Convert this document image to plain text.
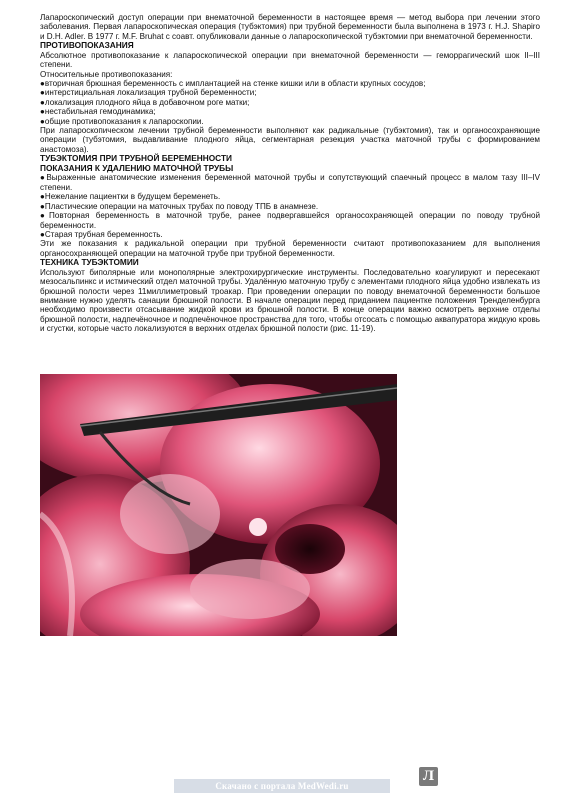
Лапароскопический доступ операции при внематочной беременности в настоящее время — метод выбора при лечении этого заболевания. Первая лапароскопическая операция (тубэктомия) при трубной беременности была выполнена в 1973 г. H.J. Shapiro и D.H. Adler. В 1977 г. M.F. Bruhat с соавт. опубликовали данные о лапароскопической тубэктомии при внематочной беременности.

ПРОТИВОПОКАЗАНИЯ

Абсолютное противопоказание к лапароскопической операции при внематочной беременности — геморрагический шок II–III степени.

Относительные противопоказания:

●вторичная брюшная беременность с имплантацией на стенке кишки или в области крупных сосудов;

●интерстициальная локализация трубной беременности;

●локализация плодного яйца в добавочном роге матки;

●нестабильная гемодинамика;

●общие противопоказания к лапароскопии.

При лапароскопическом лечении трубной беременности выполняют как радикальные (тубэктомия), так и органосохраняющие операции (тубэтомия, выдавливание плодного яйца, сегментарная резекция участка маточной трубы с формированием анастомоза).

ТУБЭКТОМИЯ ПРИ ТРУБНОЙ БЕРЕМЕННОСТИ

ПОКАЗАНИЯ К УДАЛЕНИЮ МАТОЧНОЙ ТРУБЫ

●Выраженные анатомические изменения беременной маточной трубы и сопутствующий спаечный процесс в малом тазу III–IV степени.

●Нежелание пациентки в будущем беременеть.

●Пластические операции на маточных трубах по поводу ТПБ в анамнезе.

●Повторная беременность в маточной трубе, ранее подвергавшейся органосохраняющей операции по поводу трубной беременности.

●Старая трубная беременность.

Эти же показания к радикальной операции при трубной беременности считают противопоказанием для выполнения органосохраняющей операции на маточной трубе при трубной беременности.

ТЕХНИКА ТУБЭКТОМИИ

Используют биполярные или монополярные электрохирургические инструменты. Последовательно коагулируют и пересекают мезосальпинкс и истмический отдел маточной трубы. Удалённую маточную трубу с элементами плодного яйца удобно извлекать из брюшной полости через 11миллиметровый троакар. При проведении операции по поводу внематочной беременности большое внимание нужно уделять санации брюшной полости. В начале операции перед приданием пациентке положения Тренделенбурга необходимо произвести отсасывание жидкой крови из брюшной полости. В конце операции важно осмотреть верхние отделы брюшной полости, надпечёночное и подпечёночное пространства для того, чтобы отсосать с помощью аквапуратора жидкую кровь и сгустки, которые часто локализуются в верхних отделах брюшной полости (рис. 11-19).

Л
Скачано с портала MedWedi.ru
